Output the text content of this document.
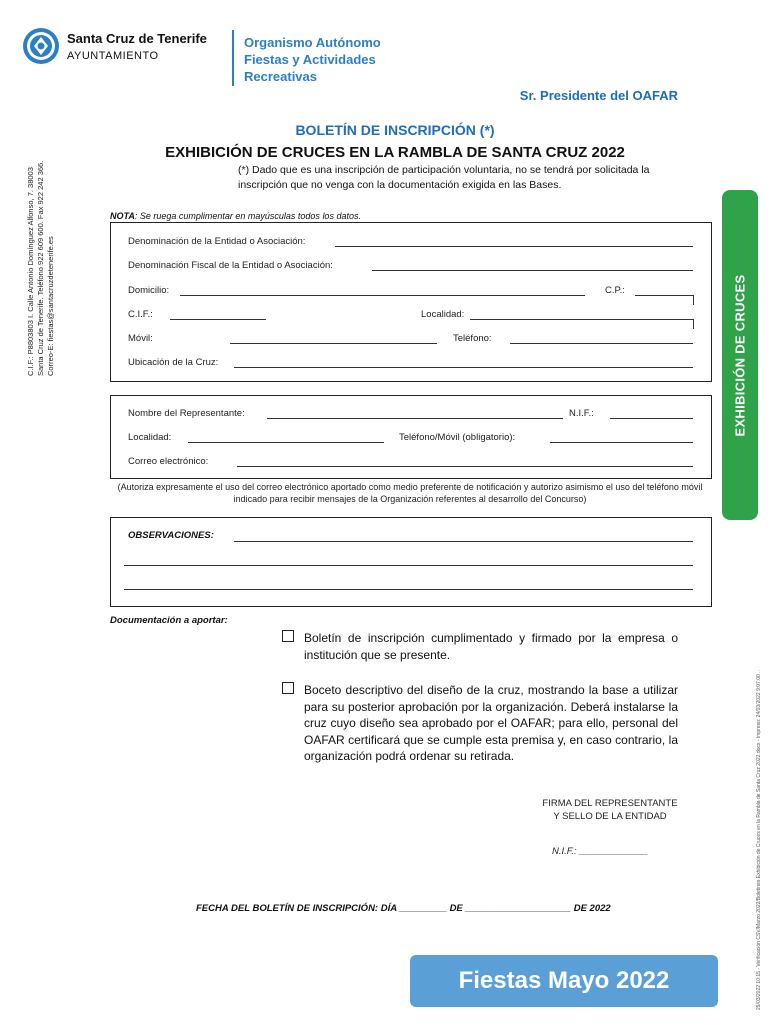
Santa Cruz de Tenerife
AYUNTAMIENTO
Organismo Autónomo
Fiestas y Actividades
Recreativas
C.I.F.: P8803803 I. Calle Antonio Domínguez Alfonso, 7. 38003 Santa Cruz de Tenerife. Teléfono 922 609 600. Fax 922 242 366. Correo-E: fiestas@santacruzdetenerife.es	EXHIBICIÓN DE CRUCES
29/03/2022 10:15 - Verificación CSV/Marzo 2022/Boletines Exhibición de Cruces en la Rambla de Santa Cruz 2022.docx - Impreso: 24/03/2022 9:07:00 ..
Sr. Presidente del OAFAR
BOLETÍN DE INSCRIPCIÓN (*)
EXHIBICIÓN DE CRUCES EN LA RAMBLA DE SANTA CRUZ 2022
(*) Dado que es una inscripción de participación voluntaria, no se tendrá por solicitada la inscripción que no venga con la documentación exigida en las Bases.
NOTA: Se ruega cumplimentar en mayúsculas todos los datos.
Denominación de la Entidad o Asociación:
Denominación Fiscal de la Entidad o Asociación:
Domicilio:	C.P.:
C.I.F.:	Localidad:
Móvil:	Teléfono:
Ubicación de la Cruz:
Nombre del Representante:	N.I.F.:
Localidad:	Teléfono/Móvil (obligatorio):
Correo electrónico:
(Autoriza expresamente el uso del correo electrónico aportado como medio preferente de notificación y autorizo asimismo el uso del teléfono móvil indicado para recibir mensajes de la Organización referentes al desarrollo del Concurso)
OBSERVACIONES:
Documentación a aportar:
Boletín de inscripción cumplimentado y firmado por la empresa o institución que se presente.
Boceto descriptivo del diseño de la cruz, mostrando la base a utilizar para su posterior aprobación por la organización. Deberá instalarse la cruz cuyo diseño sea aprobado por el OAFAR; para ello, personal del OAFAR certificará que se cumple esta premisa y, en caso contrario, la organización podrá ordenar su retirada.
FIRMA DEL REPRESENTANTE
Y SELLO DE LA ENTIDAD
N.I.F.: _____________
FECHA DEL BOLETÍN DE INSCRIPCIÓN: DÍA _________ DE ____________________ DE 2022
Fiestas Mayo 2022
